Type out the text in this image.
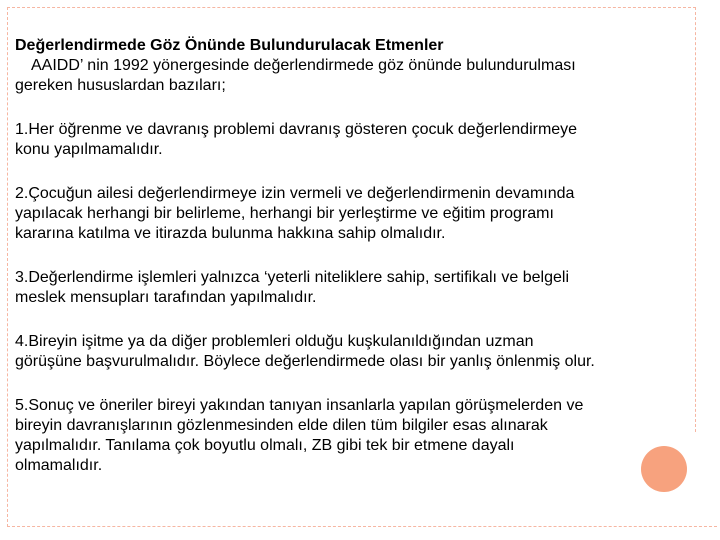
Değerlendirmede Göz Önünde Bulundurulacak Etmenler

AAIDD’ nin 1992 yönergesinde değerlendirmede göz önünde bulundurulması
gereken hususlardan bazıları;

1.Her öğrenme ve davranış problemi davranış gösteren çocuk değerlendirmeye

konu yapılmamalıdır.

2.Çocuğun ailesi değerlendirmeye izin vermeli ve değerlendirmenin devamında

yapılacak herhangi bir belirleme, herhangi bir yerleştirme ve eğitim programı

kararına katılma ve itirazda bulunma hakkına sahip olmalıdır.

3.Değerlendirme işlemleri yalnızca ‘yeterli niteliklere sahip, sertifikalı ve belgeli

meslek mensupları tarafından yapılmalıdır.

4.Bireyin işitme ya da diğer problemleri olduğu kuşkulanıldığından uzman

görüşüne başvurulmalıdır. Böylece değerlendirmede olası bir yanlış önlenmiş olur.

5.Sonuç ve öneriler bireyi yakından tanıyan insanlarla yapılan görüşmelerden ve

bireyin davranışlarının gözlenmesinden elde dilen tüm bilgiler esas alınarak

yapılmalıdır. Tanılama çok boyutlu olmalı, ZB gibi tek bir etmene dayalı

olmamalıdır.
